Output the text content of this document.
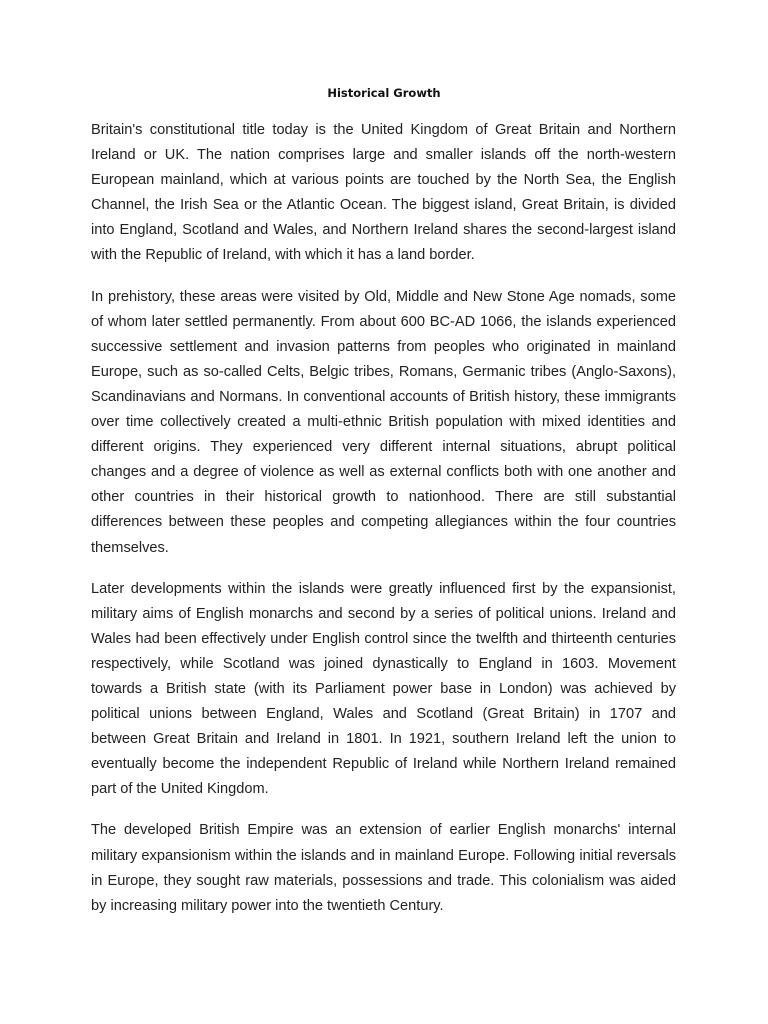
Historical Growth

Britain's constitutional title today is the United Kingdom of Great Britain and Northern Ireland or UK. The nation comprises large and smaller islands off the north-western European mainland, which at various points are touched by the North Sea, the English Channel, the Irish Sea or the Atlantic Ocean. The biggest island, Great Britain, is divided into England, Scotland and Wales, and Northern Ireland shares the second-largest island with the Republic of Ireland, with which it has a land border.

In prehistory, these areas were visited by Old, Middle and New Stone Age nomads, some of whom later settled permanently. From about 600 BC-AD 1066, the islands experienced successive settlement and invasion patterns from peoples who originated in mainland Europe, such as so-called Celts, Belgic tribes, Romans, Germanic tribes (Anglo-Saxons), Scandinavians and Normans. In conventional accounts of British history, these immigrants over time collectively created a multi-ethnic British population with mixed identities and different origins. They experienced very different internal situations, abrupt political changes and a degree of violence as well as external conflicts both with one another and other countries in their historical growth to nationhood. There are still substantial differences between these peoples and competing allegiances within the four countries themselves.

Later developments within the islands were greatly influenced first by the expansionist, military aims of English monarchs and second by a series of political unions. Ireland and Wales had been effectively under English control since the twelfth and thirteenth centuries respectively, while Scotland was joined dynastically to England in 1603. Movement towards a British state (with its Parliament power base in London) was achieved by political unions between England, Wales and Scotland (Great Britain) in 1707 and between Great Britain and Ireland in 1801. In 1921, southern Ireland left the union to eventually become the independent Republic of Ireland while Northern Ireland remained part of the United Kingdom.

The developed British Empire was an extension of earlier English monarchs' internal military expansionism within the islands and in mainland Europe. Following initial reversals in Europe, they sought raw materials, possessions and trade. This colonialism was aided by increasing military power into the twentieth Century.
